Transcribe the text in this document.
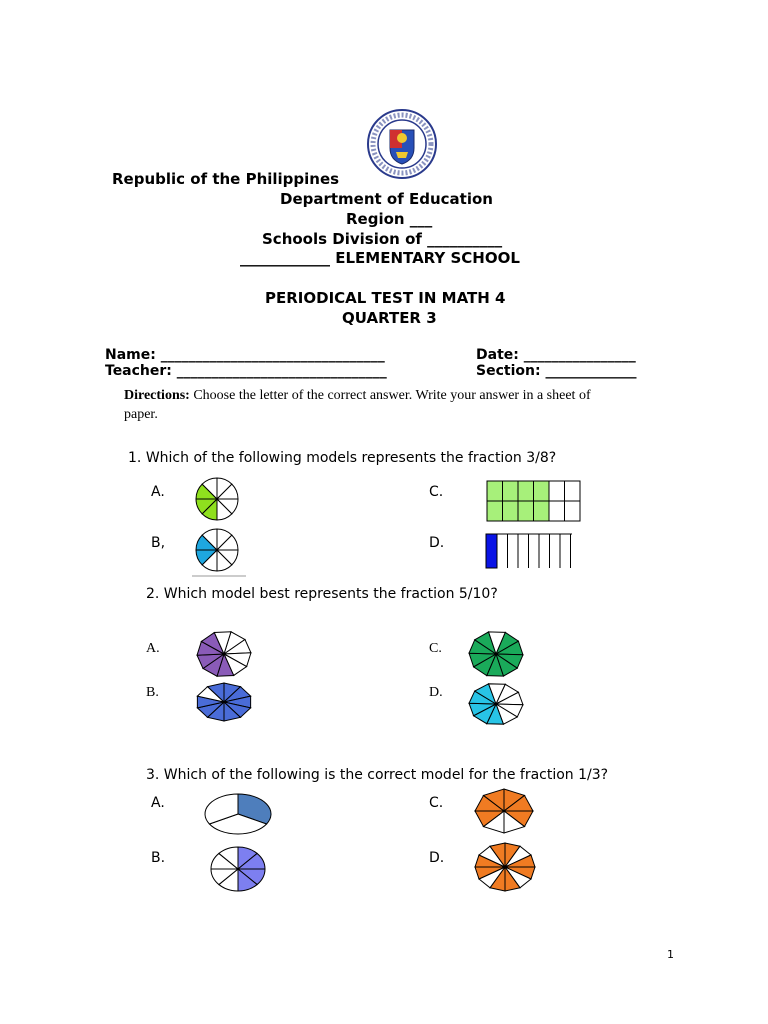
Republic of the Philippines
Department of Education
Region ___
Schools Division of __________
____________ ELEMENTARY SCHOOL
PERIODICAL TEST IN MATH 4
QUARTER 3
Name: ________________________________	Date: ________________
Teacher: ______________________________	Section: _____________
Directions: Choose the letter of the correct answer. Write your answer in a sheet of paper.
1. Which of the following models represents the fraction 3/8?
A.	C.
B,	D.
2. Which model best represents the fraction 5/10?
A.	C.
B.	D.
3. Which of the following is the correct model for the fraction 1/3?
A.	C.
B.	D.
1
